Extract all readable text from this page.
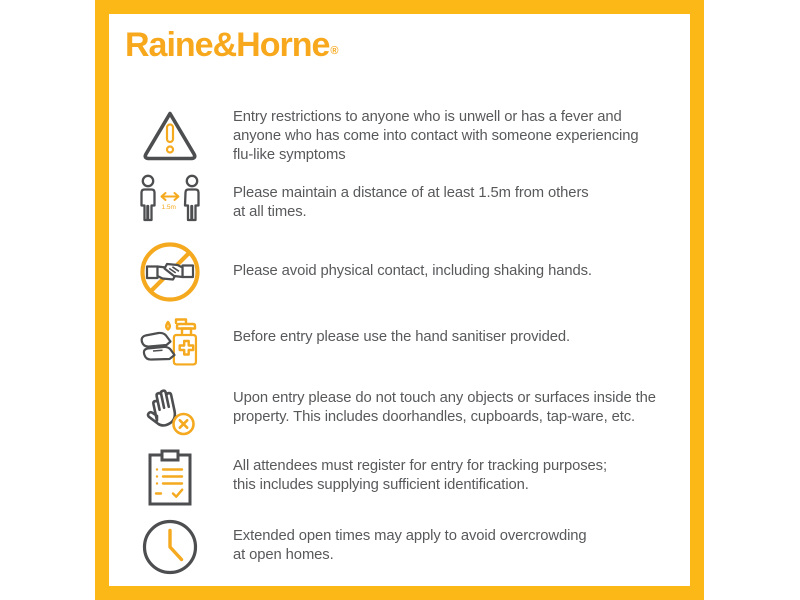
Raine&Horne®
Entry restrictions to anyone who is unwell or has a fever and
anyone who has come into contact with someone experiencing
flu-like symptoms
1.5m
Please maintain a distance of at least 1.5m from others
at all times.
Please avoid physical contact, including shaking hands.
Before entry please use the hand sanitiser provided.
Upon entry please do not touch any objects or surfaces inside the
property. This includes doorhandles, cupboards, tap-ware, etc.
All attendees must register for entry for tracking purposes;
this includes supplying sufficient identification.
Extended open times may apply to avoid overcrowding
at open homes.
